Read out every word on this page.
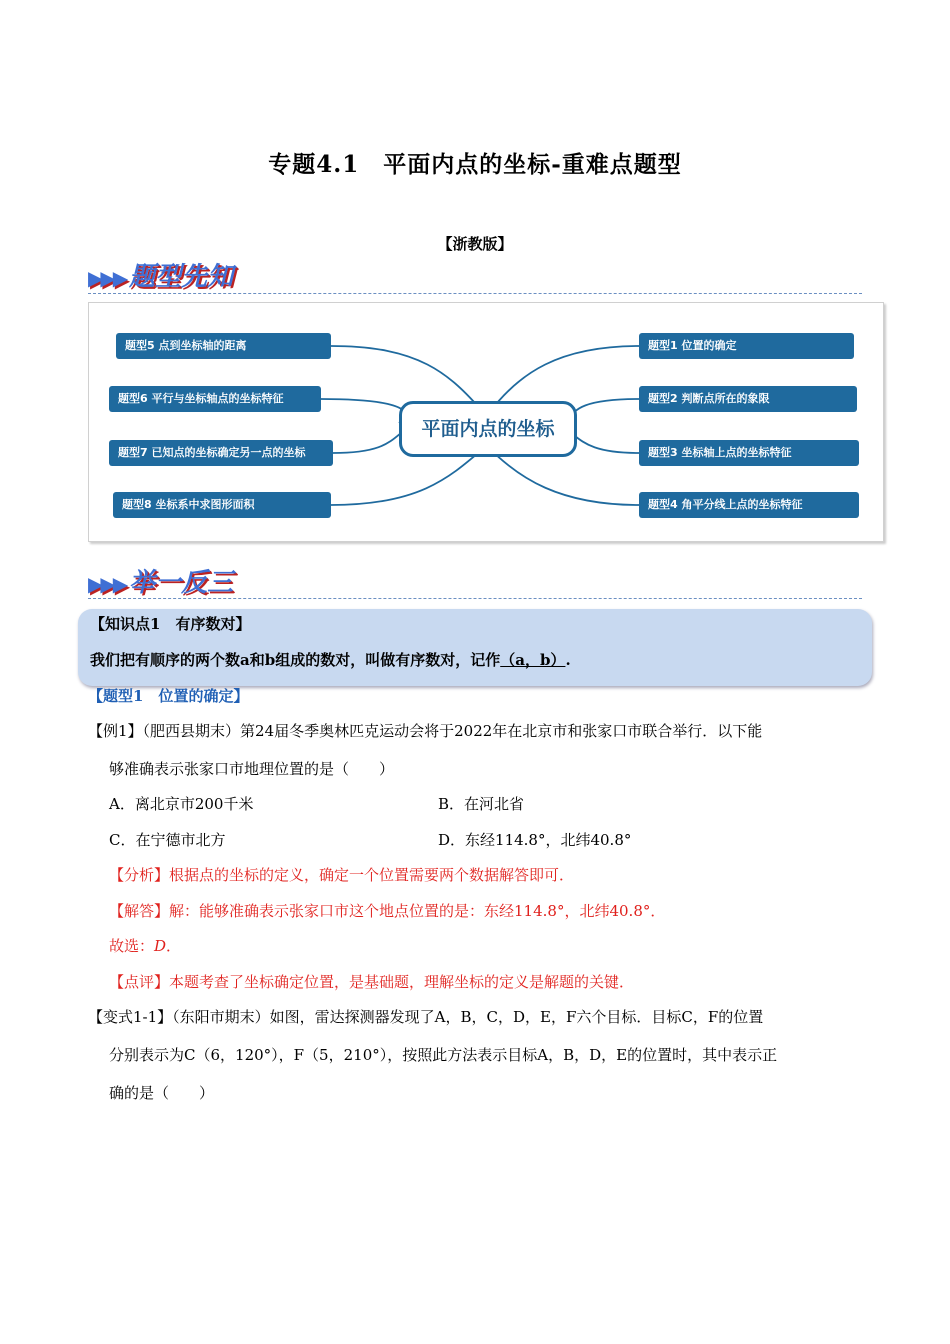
专题4.1　平面内点的坐标-重难点题型
【浙教版】
▶▶▶ 题型先知
题型5 点到坐标轴的距离
题型6 平行与坐标轴点的坐标特征
题型7 已知点的坐标确定另一点的坐标
题型8 坐标系中求图形面积
平面内点的坐标
题型1 位置的确定
题型2 判断点所在的象限
题型3 坐标轴上点的坐标特征
题型4 角平分线上点的坐标特征
▶▶▶ 举一反三
【知识点1　有序数对】
我们把有顺序的两个数a和b组成的数对，叫做有序数对，记作（a，b）.
【题型1　位置的确定】
【例1】（肥西县期末）第24届冬季奥林匹克运动会将于2022年在北京市和张家口市联合举行．以下能
够准确表示张家口市地理位置的是（　　）
A．离北京市200千米	B．在河北省
C．在宁德市北方	D．东经114.8°，北纬40.8°
【分析】根据点的坐标的定义，确定一个位置需要两个数据解答即可．
【解答】解：能够准确表示张家口市这个地点位置的是：东经114.8°，北纬40.8°．
故选：D．
【点评】本题考查了坐标确定位置，是基础题，理解坐标的定义是解题的关键．
【变式1-1】（东阳市期末）如图，雷达探测器发现了A，B，C，D，E，F六个目标．目标C，F的位置
分别表示为C（6，120°），F（5，210°），按照此方法表示目标A，B，D，E的位置时，其中表示正
确的是（　　）
